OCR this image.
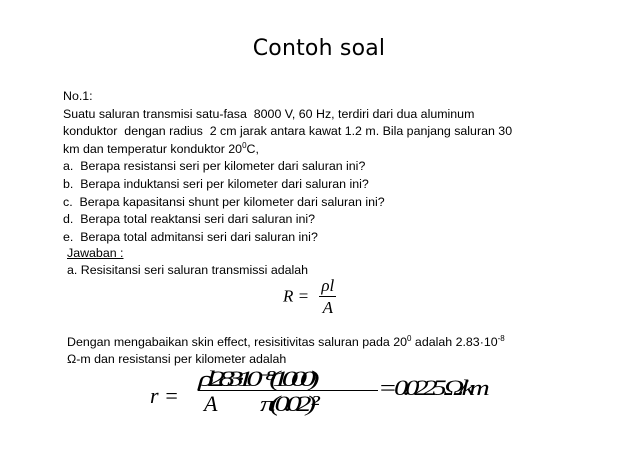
Contoh soal
No.1:
Suatu saluran transmisi satu-fasa  8000 V, 60 Hz, terdiri dari dua aluminum
konduktor  dengan radius  2 cm jarak antara kawat 1.2 m. Bila panjang saluran 30
km dan temperatur konduktor $20^0C$,
a.  Berapa resistansi seri per kilometer dari saluran ini?
b.  Berapa induktansi seri per kilometer dari saluran ini?
c.  Berapa kapasitansi shunt per kilometer dari saluran ini?
d.  Berapa total reaktansi seri dari saluran ini?
e.  Berapa total admitansi seri dari saluran ini?
Jawaban :
a. Resisitansi seri saluran transmissi adalah
$R = \frac{\rho l}{A}$
Dengan mengabaikan skin effect, resisitivitas saluran pada $20^0$ adalah $2.83\cdot 10^{-8}$
Ω-m dan resistansi per kilometer adalah
r =
ρl 2.83·10⁻⁸(1000)
A π(0.02)²
= 0.0225 Ω/km
